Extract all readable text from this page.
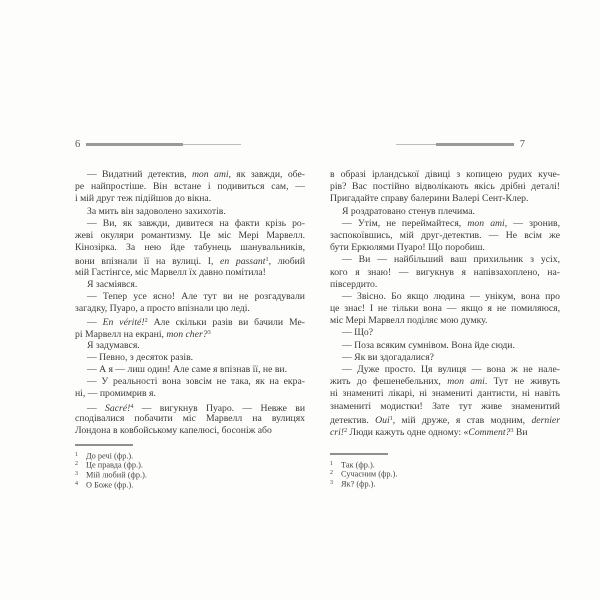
6
— Видатний детектив, mon ami, як завжди, обе-
ре найпростіше. Він встане і подивиться сам, —
і мій друг теж підійшов до вікна.
За мить він задоволено захихотів.
— Ви, як завжди, дивитеся на факти крізь ро-
жеві окуляри романтизму. Це міс Мері Марвелл.
Кінозірка. За нею йде табунець шанувальників,
вони впізнали її на вулиці. І, en passant$^1$, любий
мій Гастінгсе, міс Марвелл їх давно помітила!
Я засміявся.
— Тепер усе ясно! Але тут ви не розгадували
загадку, Пуаро, а просто впізнали цю леді.
— En vérité!$^2$ Але скільки разів ви бачили Ме-
рі Марвелл на екрані, mon cher?$^3$
Я задумався.
— Певно, з десяток разів.
— А я — лиш один! Але саме я впізнав її, не ви.
— У реальності вона зовсім не така, як на екра-
ні, — промимрив я.
— Sacré!$^4$ — вигукнув Пуаро. — Невже ви
сподівалися побачити міс Марвелл на вулицях
Лондона в ковбойському капелюсі, босоніж або
1 До речі (фр.).
2 Це правда (фр.).
3 Мій любий (фр.).
4 О Боже (фр.).
7
в образі ірландської дівиці з копицею рудих куче-
рів? Вас постійно відволікають якісь дрібні деталі!
Пригадайте справу балерини Валері Сент-Клер.
Я роздратовано стенув плечима.
— Утім, не переймайтеся, mon ami, — зронив,
заспокоївшись, мій друг-детектив. — Не всім же
бути Еркюлями Пуаро! Що поробиш.
— Ви — найбільший ваш прихильник з усіх,
кого я знаю! — вигукнув я напівзахоплено, на-
півсердито.
— Звісно. Бо якщо людина — унікум, вона про
це знає! І не тільки вона — якщо я не помиляюся,
міс Мері Марвелл поділяє мою думку.
— Що?
— Поза всяким сумнівом. Вона йде сюди.
— Як ви здогадалися?
— Дуже просто. Ця вулиця — вона ж не нале-
жить до фешенебельних, mon ami. Тут не живуть
ні знамениті лікарі, ні знамениті дантисти, ні навіть
знамениті модистки! Зате тут живе знаменитий
детектив. Oui$^1$, мій друже, я став модним, dernier
cri!$^2$ Люди кажуть одне одному: «Comment?$^3$ Ви
1 Так (фр.).
2 Сучасним (фр.).
3 Як? (фр.).
